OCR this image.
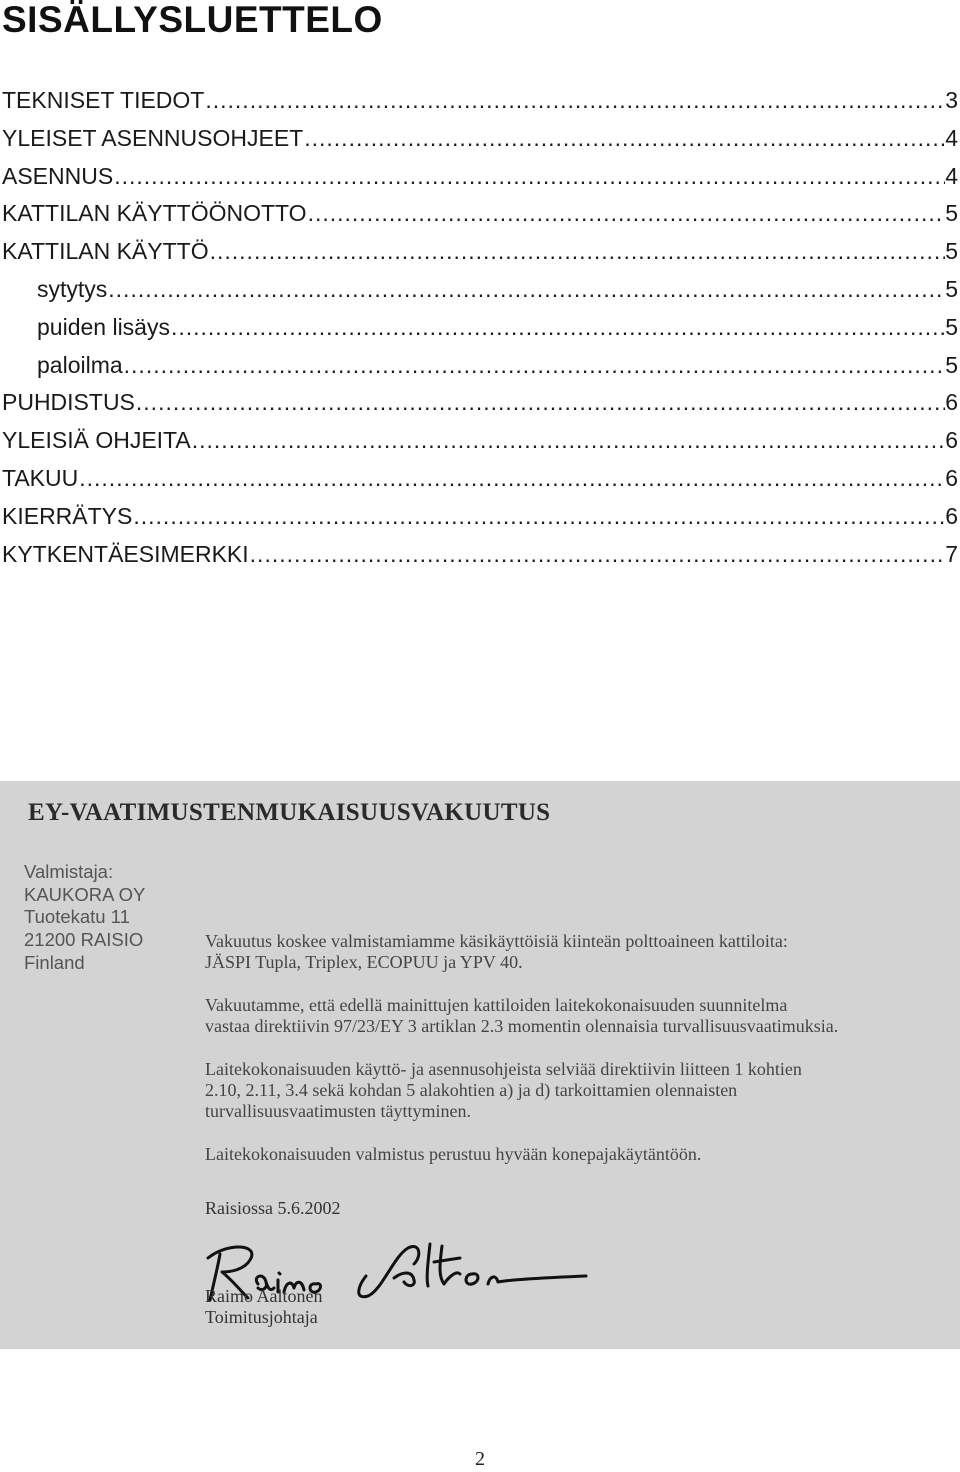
SISÄLLYSLUETTELO
TEKNISET TIEDOT .....	3
YLEISET ASENNUSOHJEET .....	4
ASENNUS .....	4
KATTILAN KÄYTTÖÖNOTTO .....	5
KATTILAN KÄYTTÖ .....	5
sytytys .....	5
puiden lisäys .....	5
paloilma .....	5
PUHDISTUS .....	6
YLEISIÄ OHJEITA .....	6
TAKUU .....	6
KIERRÄTYS .....	6
KYTKENTÄESIMERKKI .....	7
EY-VAATIMUSTENMUKAISUUSVAKUUTUS
Valmistaja:
KAUKORA OY
Tuotekatu 11
21200 RAISIO
Finland

Vakuutus koskee valmistamiamme käsikäyttöisiä kiinteän polttoaineen kattiloita:
JÄSPI Tupla, Triplex, ECOPUU ja YPV 40.

Vakuutamme, että edellä mainittujen kattiloiden laitekokonaisuuden suunnitelma
vastaa direktiivin 97/23/EY 3 artiklan 2.3 momentin olennaisia turvallisuusvaatimuksia.

Laitekokonaisuuden käyttö- ja asennusohjeista selviää direktiivin liitteen 1 kohtien
2.10, 2.11, 3.4 sekä kohdan 5 alakohtien a) ja d) tarkoittamien olennaisten
turvallisuusvaatimusten täyttyminen.

Laitekokonaisuuden valmistus perustuu hyvään konepajakäytäntöön.

Raisiossa 5.6.2002
Raimo Aaltonen
Toimitusjohtaja
2
